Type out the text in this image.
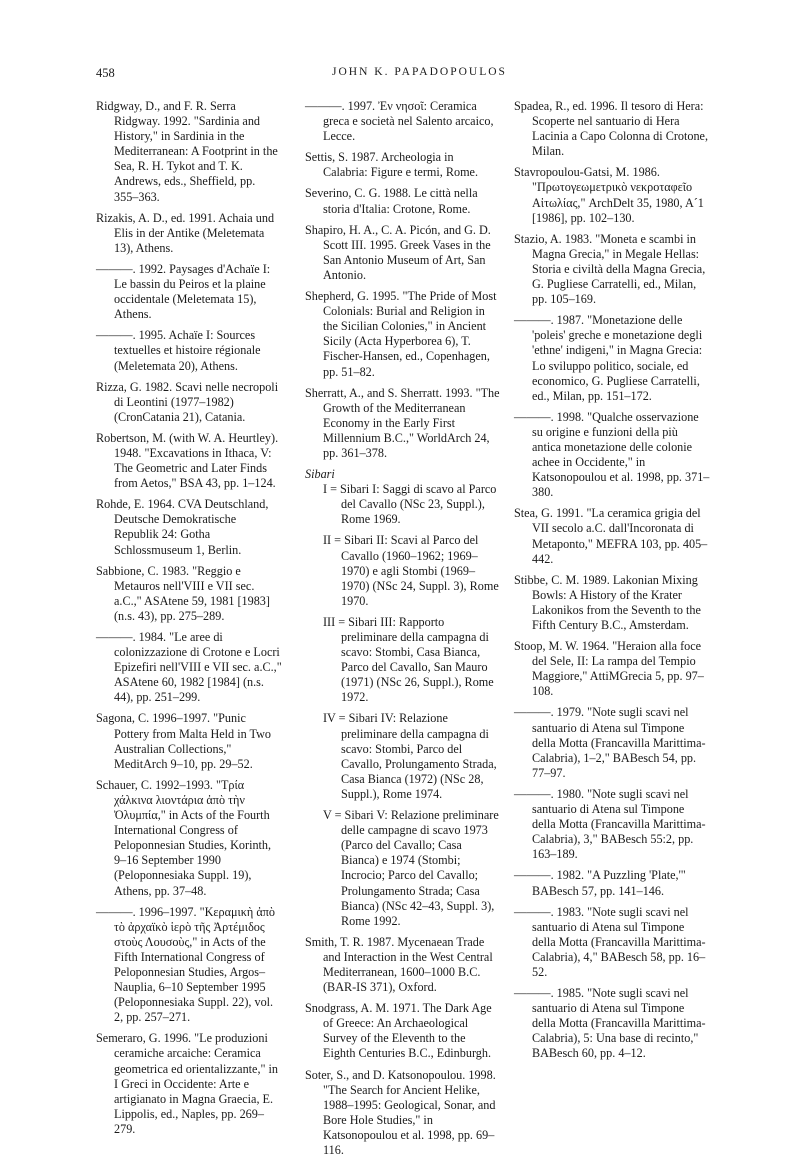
458	JOHN K. PAPADOPOULOS
Ridgway, D., and F. R. Serra Ridgway. 1992. "Sardinia and History," in Sardinia in the Mediterranean: A Footprint in the Sea, R. H. Tykot and T. K. Andrews, eds., Sheffield, pp. 355–363.
Rizakis, A. D., ed. 1991. Achaia und Elis in der Antike (Meletemata 13), Athens.
———. 1992. Paysages d'Achaïe I: Le bassin du Peiros et la plaine occidentale (Meletemata 15), Athens.
———. 1995. Achaïe I: Sources textuelles et histoire régionale (Meletemata 20), Athens.
Rizza, G. 1982. Scavi nelle necropoli di Leontini (1977–1982) (CronCatania 21), Catania.
Robertson, M. (with W. A. Heurtley). 1948. "Excavations in Ithaca, V: The Geometric and Later Finds from Aetos," BSA 43, pp. 1–124.
Rohde, E. 1964. CVA Deutschland, Deutsche Demokratische Republik 24: Gotha Schlossmuseum 1, Berlin.
Sabbione, C. 1983. "Reggio e Metauros nell'VIII e VII sec. a.C.," ASAtene 59, 1981 [1983] (n.s. 43), pp. 275–289.
———. 1984. "Le aree di colonizzazione di Crotone e Locri Epizefiri nell'VIII e VII sec. a.C.," ASAtene 60, 1982 [1984] (n.s. 44), pp. 251–299.
Sagona, C. 1996–1997. "Punic Pottery from Malta Held in Two Australian Collections," MeditArch 9–10, pp. 29–52.
Schauer, C. 1992–1993. "Τρία χάλκινα λιοντάρια ἀπὸ τὴν Ὀλυμπία," in Acts of the Fourth International Congress of Peloponnesian Studies, Korinth, 9–16 September 1990 (Peloponnesiaka Suppl. 19), Athens, pp. 37–48.
———. 1996–1997. "Κεραμικὴ ἀπὸ τὸ ἀρχαϊκὸ ἱερὸ τῆς Ἀρτέμιδος στοὺς Λουσοὺς," in Acts of the Fifth International Congress of Peloponnesian Studies, Argos–Nauplia, 6–10 September 1995 (Peloponnesiaka Suppl. 22), vol. 2, pp. 257–271.
Semeraro, G. 1996. "Le produzioni ceramiche arcaiche: Ceramica geometrica ed orientalizzante," in I Greci in Occidente: Arte e artigianato in Magna Graecia, E. Lippolis, ed., Naples, pp. 269–279.
———. 1997. Ἐν νησοῖ: Ceramica greca e società nel Salento arcaico, Lecce.
Settis, S. 1987. Archeologia in Calabria: Figure e termi, Rome.
Severino, C. G. 1988. Le città nella storia d'Italia: Crotone, Rome.
Shapiro, H. A., C. A. Picón, and G. D. Scott III. 1995. Greek Vases in the San Antonio Museum of Art, San Antonio.
Shepherd, G. 1995. "The Pride of Most Colonials: Burial and Religion in the Sicilian Colonies," in Ancient Sicily (Acta Hyperborea 6), T. Fischer-Hansen, ed., Copenhagen, pp. 51–82.
Sherratt, A., and S. Sherratt. 1993. "The Growth of the Mediterranean Economy in the Early First Millennium B.C.," WorldArch 24, pp. 361–378.
Sibari
I = Sibari I: Saggi di scavo al Parco del Cavallo (NSc 23, Suppl.), Rome 1969.
II = Sibari II: Scavi al Parco del Cavallo (1960–1962; 1969–1970) e agli Stombi (1969–1970) (NSc 24, Suppl. 3), Rome 1970.
III = Sibari III: Rapporto preliminare della campagna di scavo: Stombi, Casa Bianca, Parco del Cavallo, San Mauro (1971) (NSc 26, Suppl.), Rome 1972.
IV = Sibari IV: Relazione preliminare della campagna di scavo: Stombi, Parco del Cavallo, Prolungamento Strada, Casa Bianca (1972) (NSc 28, Suppl.), Rome 1974.
V = Sibari V: Relazione preliminare delle campagne di scavo 1973 (Parco del Cavallo; Casa Bianca) e 1974 (Stombi; Incrocio; Parco del Cavallo; Prolungamento Strada; Casa Bianca) (NSc 42–43, Suppl. 3), Rome 1992.
Smith, T. R. 1987. Mycenaean Trade and Interaction in the West Central Mediterranean, 1600–1000 B.C. (BAR-IS 371), Oxford.
Snodgrass, A. M. 1971. The Dark Age of Greece: An Archaeological Survey of the Eleventh to the Eighth Centuries B.C., Edinburgh.
Soter, S., and D. Katsonopoulou. 1998. "The Search for Ancient Helike, 1988–1995: Geological, Sonar, and Bore Hole Studies," in Katsonopoulou et al. 1998, pp. 69–116.
Spadea, R., ed. 1996. Il tesoro di Hera: Scoperte nel santuario di Hera Lacinia a Capo Colonna di Crotone, Milan.
Stavropoulou-Gatsi, M. 1986. "Πρωτογεωμετρικὸ νεκροταφεῖο Αἰτωλίας," ArchDelt 35, 1980, A´1 [1986], pp. 102–130.
Stazio, A. 1983. "Moneta e scambi in Magna Grecia," in Megale Hellas: Storia e civiltà della Magna Grecia, G. Pugliese Carratelli, ed., Milan, pp. 105–169.
———. 1987. "Monetazione delle 'poleis' greche e monetazione degli 'ethne' indigeni," in Magna Grecia: Lo sviluppo politico, sociale, ed economico, G. Pugliese Carratelli, ed., Milan, pp. 151–172.
———. 1998. "Qualche osservazione su origine e funzioni della più antica monetazione delle colonie achee in Occidente," in Katsonopoulou et al. 1998, pp. 371–380.
Stea, G. 1991. "La ceramica grigia del VII secolo a.C. dall'Incoronata di Metaponto," MEFRA 103, pp. 405–442.
Stibbe, C. M. 1989. Lakonian Mixing Bowls: A History of the Krater Lakonikos from the Seventh to the Fifth Century B.C., Amsterdam.
Stoop, M. W. 1964. "Heraion alla foce del Sele, II: La rampa del Tempio Maggiore," AttiMGrecia 5, pp. 97–108.
———. 1979. "Note sugli scavi nel santuario di Atena sul Timpone della Motta (Francavilla Marittima-Calabria), 1–2," BABesch 54, pp. 77–97.
———. 1980. "Note sugli scavi nel santuario di Atena sul Timpone della Motta (Francavilla Marittima-Calabria), 3," BABesch 55:2, pp. 163–189.
———. 1982. "A Puzzling 'Plate,'" BABesch 57, pp. 141–146.
———. 1983. "Note sugli scavi nel santuario di Atena sul Timpone della Motta (Francavilla Marittima-Calabria), 4," BABesch 58, pp. 16–52.
———. 1985. "Note sugli scavi nel santuario di Atena sul Timpone della Motta (Francavilla Marittima-Calabria), 5: Una base di recinto," BABesch 60, pp. 4–12.
